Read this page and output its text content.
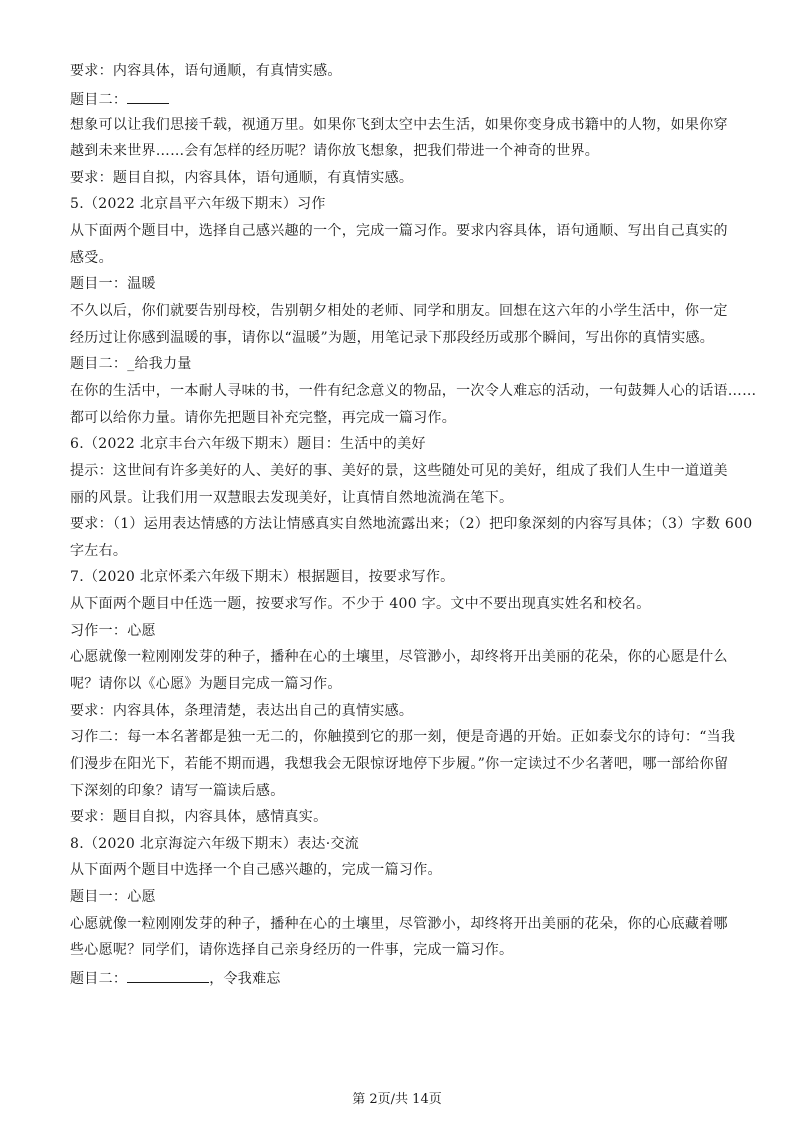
要求：内容具体，语句通顺，有真情实感。
题目二：
想象可以让我们思接千载，视通万里。如果你飞到太空中去生活，如果你变身成书籍中的人物，如果你穿
越到未来世界……会有怎样的经历呢？请你放飞想象，把我们带进一个神奇的世界。
要求：题目自拟，内容具体，语句通顺，有真情实感。
5.（2022 北京昌平六年级下期末）习作
从下面两个题目中，选择自己感兴趣的一个，完成一篇习作。要求内容具体，语句通顺、写出自己真实的
感受。
题目一：温暖
不久以后，你们就要告别母校，告别朝夕相处的老师、同学和朋友。回想在这六年的小学生活中，你一定
经历过让你感到温暖的事，请你以“温暖”为题，用笔记录下那段经历或那个瞬间，写出你的真情实感。
题目二：_给我力量
在你的生活中，一本耐人寻味的书，一件有纪念意义的物品，一次令人难忘的活动，一句鼓舞人心的话语……
都可以给你力量。请你先把题目补充完整，再完成一篇习作。
6.（2022 北京丰台六年级下期末）题目：生活中的美好
提示：这世间有许多美好的人、美好的事、美好的景，这些随处可见的美好，组成了我们人生中一道道美
丽的风景。让我们用一双慧眼去发现美好，让真情自然地流淌在笔下。
要求：（1）运用表达情感的方法让情感真实自然地流露出来；（2）把印象深刻的内容写具体；（3）字数 600
字左右。
7.（2020 北京怀柔六年级下期末）根据题目，按要求写作。
从下面两个题目中任选一题，按要求写作。不少于 400 字。文中不要出现真实姓名和校名。
习作一：心愿
心愿就像一粒刚刚发芽的种子，播种在心的土壤里，尽管渺小，却终将开出美丽的花朵，你的心愿是什么
呢？请你以《心愿》为题目完成一篇习作。
要求：内容具体，条理清楚，表达出自己的真情实感。
习作二：每一本名著都是独一无二的，你触摸到它的那一刻，便是奇遇的开始。正如泰戈尔的诗句：“当我
们漫步在阳光下，若能不期而遇，我想我会无限惊讶地停下步履。”你一定读过不少名著吧，哪一部给你留
下深刻的印象？请写一篇读后感。
要求：题目自拟，内容具体，感情真实。
8.（2020 北京海淀六年级下期末）表达·交流
从下面两个题目中选择一个自己感兴趣的，完成一篇习作。
题目一：心愿
心愿就像一粒刚刚发芽的种子，播种在心的土壤里，尽管渺小，却终将开出美丽的花朵，你的心底藏着哪
些心愿呢？同学们，请你选择自己亲身经历的一件事，完成一篇习作。
题目二：	，令我难忘
第 2页/共 14页
